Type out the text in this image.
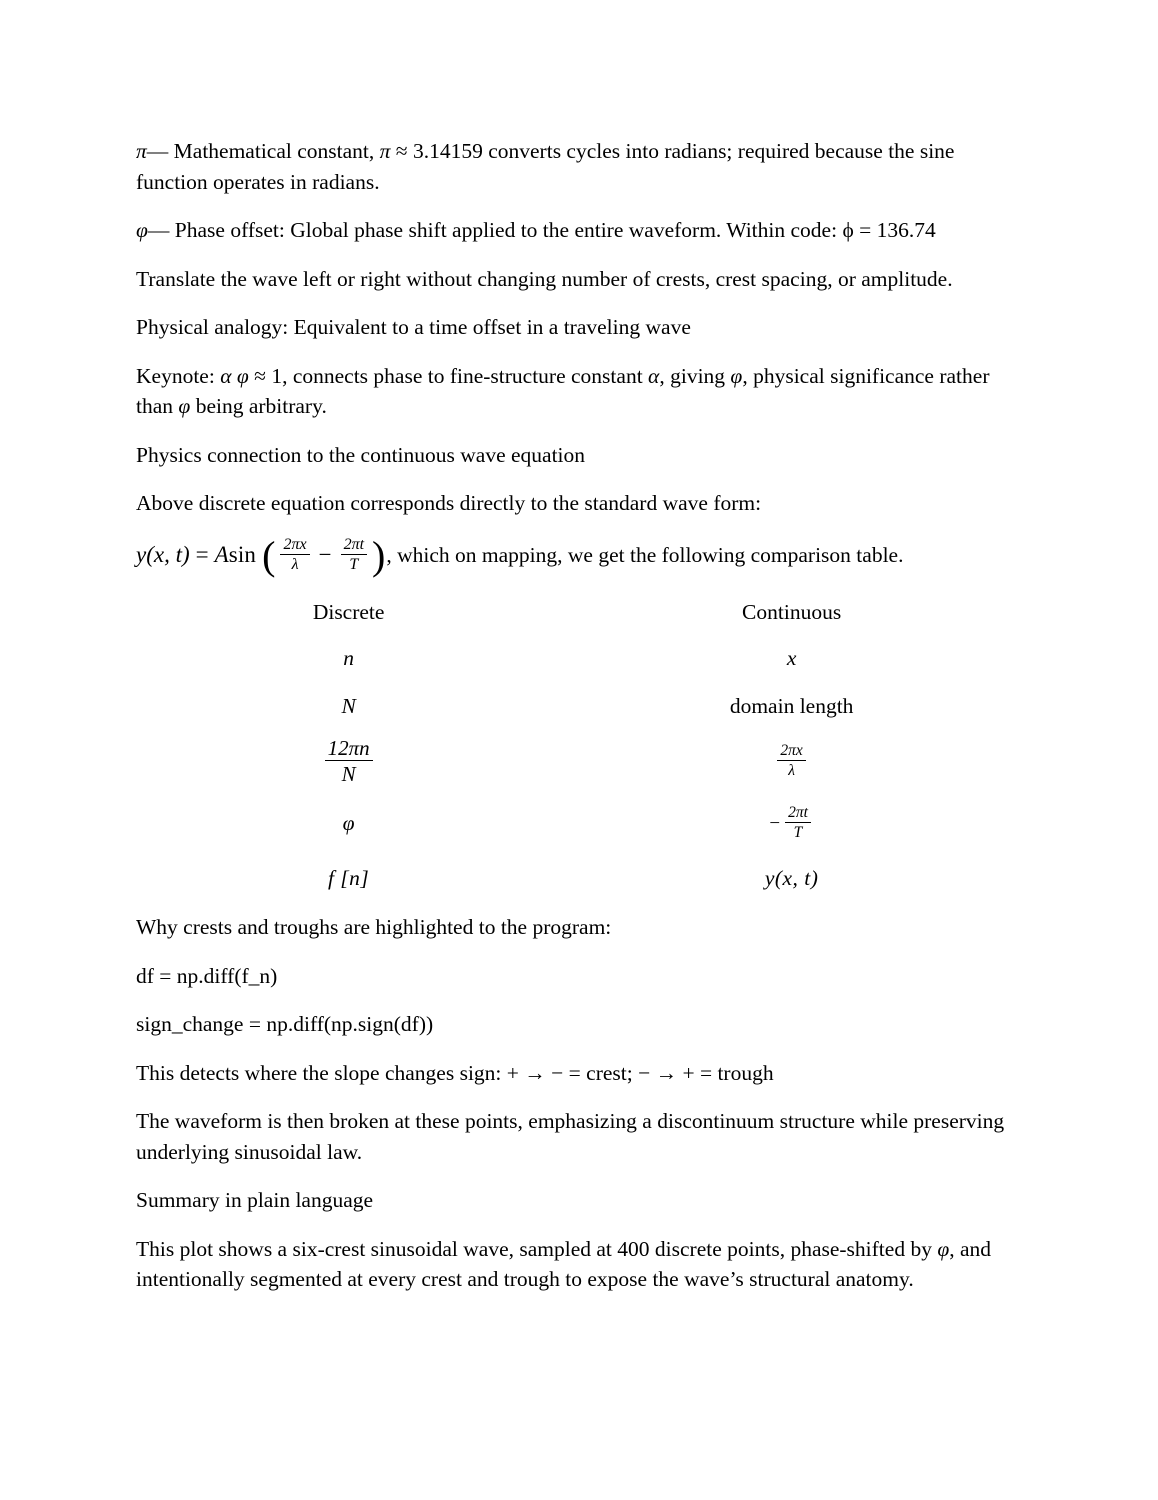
π— Mathematical constant, π ≈ 3.14159 converts cycles into radians; required because the sine function operates in radians.

φ— Phase offset: Global phase shift applied to the entire waveform. Within code: ϕ = 136.74

Translate the wave left or right without changing number of crests, crest spacing, or amplitude.

Physical analogy: Equivalent to a time offset in a traveling wave

Keynote: α φ ≈ 1, connects phase to fine-structure constant α, giving φ, physical significance rather than φ being arbitrary.

Physics connection to the continuous wave equation

Above discrete equation corresponds directly to the standard wave form:

y(x, t) = A sin ( $\frac{2\pi x}{\lambda} - \frac{2\pi t}{T}$ ) , which on mapping, we get the following comparison table.
Discrete	Continuous
n	x
N	domain length

$\frac{12\pi n}{N}$	$\frac{2\pi x}{\lambda}$

φ	− $\frac{2\pi t}{T}$

f [n]	y(x, t)

Why crests and troughs are highlighted to the program:

df = np.diff(f_n)

sign_change = np.diff(np.sign(df))

This detects where the slope changes sign: + → − = crest; − → + = trough

The waveform is then broken at these points, emphasizing a discontinuum structure while preserving underlying sinusoidal law.

Summary in plain language

This plot shows a six-crest sinusoidal wave, sampled at 400 discrete points, phase-shifted by φ, and intentionally segmented at every crest and trough to expose the wave’s structural anatomy.
